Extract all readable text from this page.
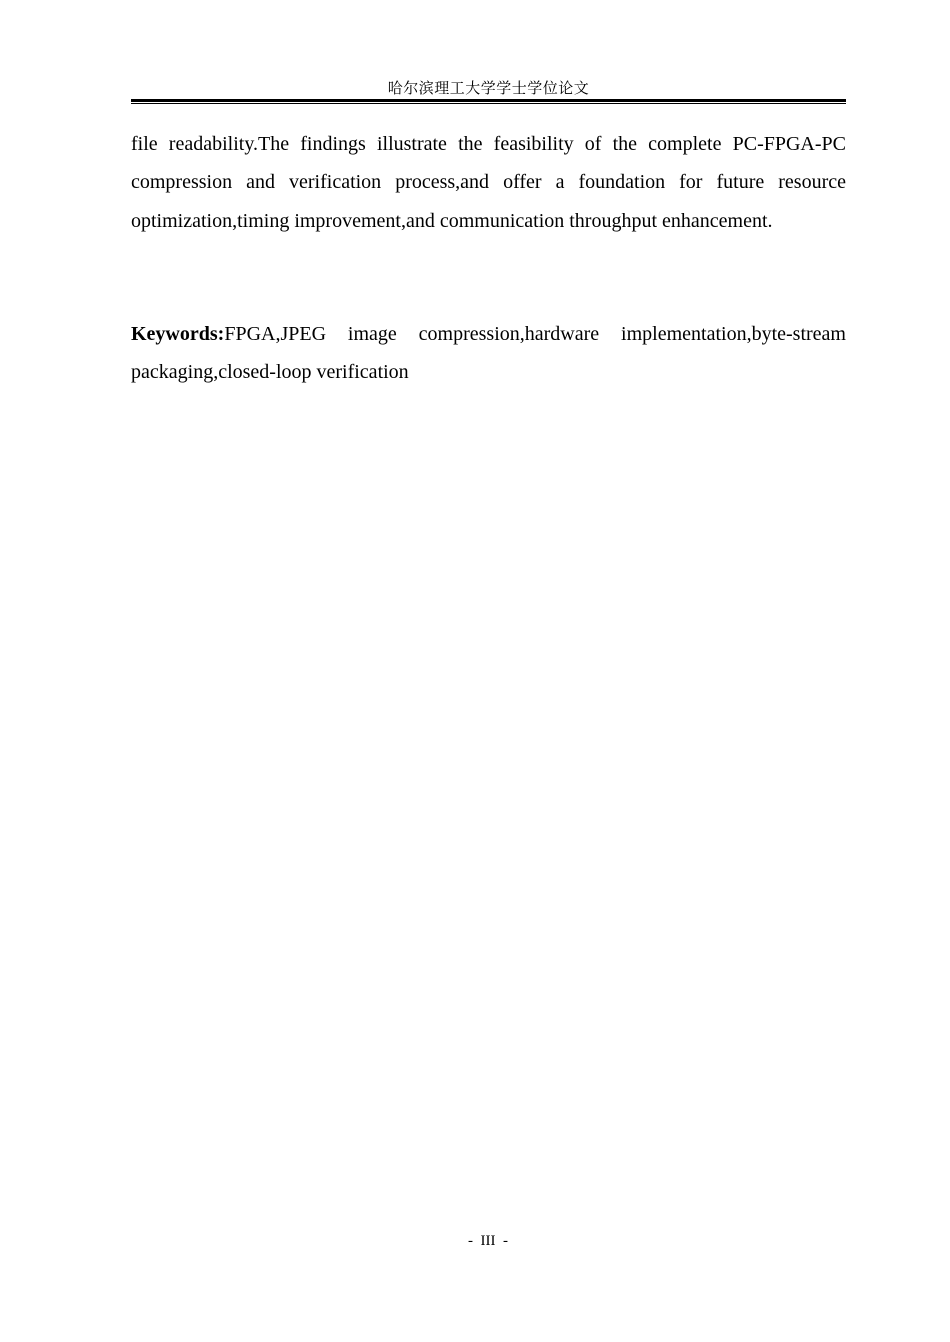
哈尔滨理工大学学士学位论文

file readability.The findings illustrate the feasibility of the complete PC-FPGA-PC compression and verification process,and offer a foundation for future resource optimization,timing improvement,and communication throughput enhancement.

Keywords:FPGA,JPEG image compression,hardware implementation,byte-stream packaging,closed-loop verification

-  III  -
